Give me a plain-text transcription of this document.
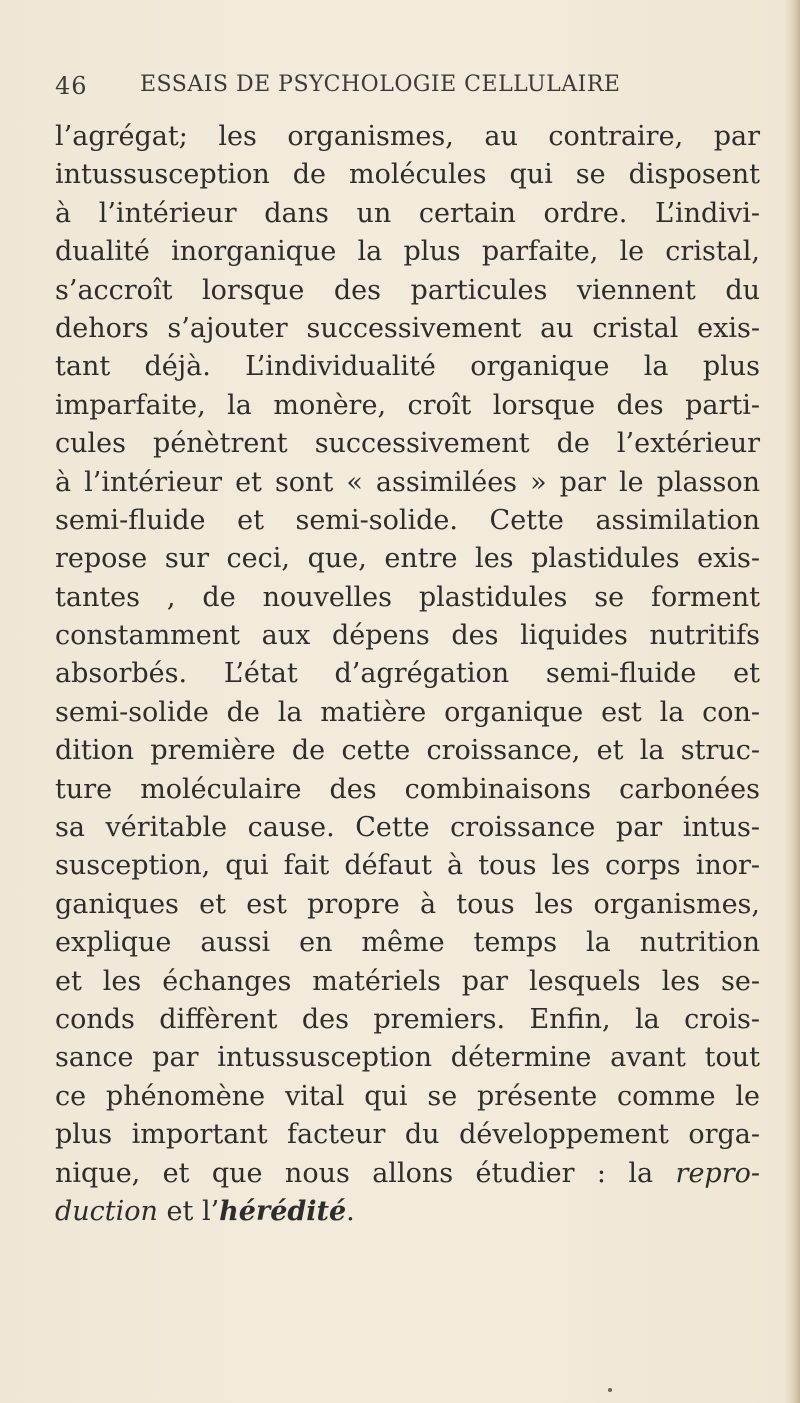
46 ESSAIS DE PSYCHOLOGIE CELLULAIRE
l’agrégat; les organismes, au contraire, par
intussusception de molécules qui se disposent
à l’intérieur dans un certain ordre. L’indivi-
dualité inorganique la plus parfaite, le cristal,
s’accroît lorsque des particules viennent du
dehors s’ajouter successivement au cristal exis-
tant déjà. L’individualité organique la plus
imparfaite, la monère, croît lorsque des parti-
cules pénètrent successivement de l’extérieur
à l’intérieur et sont « assimilées » par le plasson
semi-fluide et semi-solide. Cette assimilation
repose sur ceci, que, entre les plastidules exis-
tantes , de nouvelles plastidules se forment
constamment aux dépens des liquides nutritifs
absorbés. L’état d’agrégation semi-fluide et
semi-solide de la matière organique est la con-
dition première de cette croissance, et la struc-
ture moléculaire des combinaisons carbonées
sa véritable cause. Cette croissance par intus-
susception, qui fait défaut à tous les corps inor-
ganiques et est propre à tous les organismes,
explique aussi en même temps la nutrition
et les échanges matériels par lesquels les se-
conds diffèrent des premiers. Enfin, la crois-
sance par intussusception détermine avant tout
ce phénomène vital qui se présente comme le
plus important facteur du développement orga-
nique, et que nous allons étudier : la repro-
duction et l’hérédité.
